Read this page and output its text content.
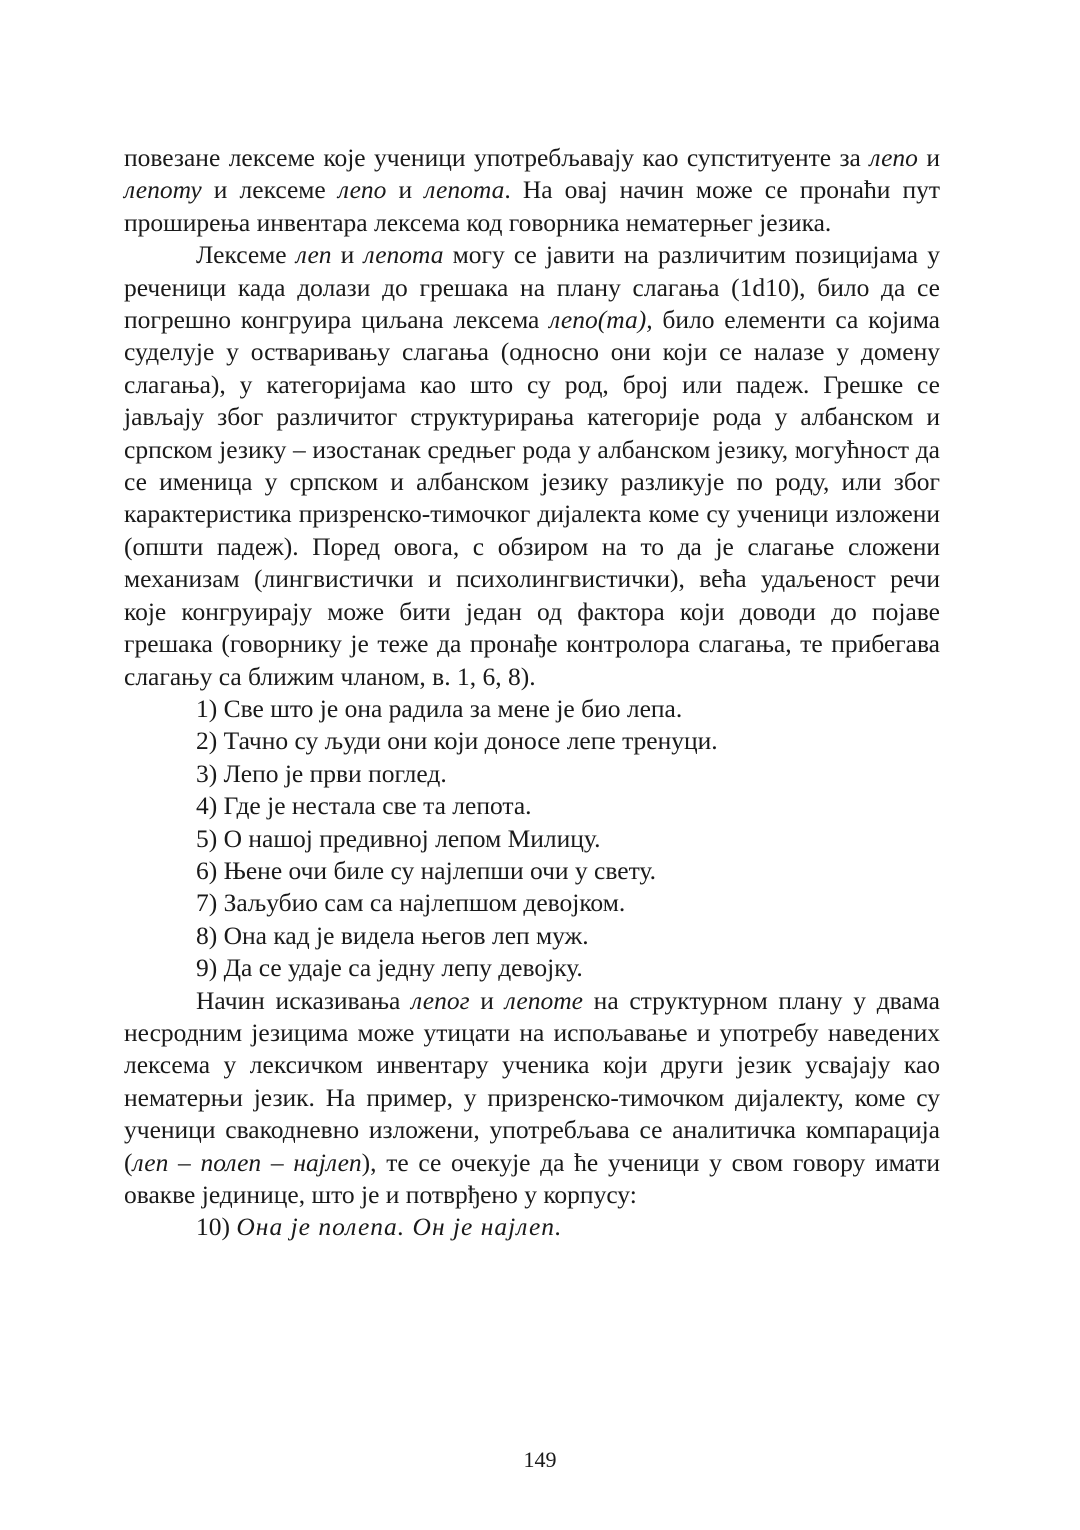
повезане лексеме које ученици употребљавају као супституенте за лепо и лепоту и лексеме лепо и лепота. На овај начин може се пронаћи пут проширења инвентара лексема код говорника нематерњег језика.

Лексеме леп и лепота могу се јавити на различитим позицијама у реченици када долази до грешака на плану слагања (1d10), било да се погрешно конгруира циљана лексема лепо(та), било елементи са којима суделује у остваривању слагања (односно они који се налазе у домену слагања), у категоријама као што су род, број или падеж. Грешке се јављају због различитог структурирања категорије рода у албанском и српском језику – изостанак средњег рода у албанском језику, могућност да се именица у српском и албанском језику разликује по роду, или због карактеристика призренско-тимочког дијалекта коме су ученици изложени (општи падеж). Поред овога, с обзиром на то да је слагање сложени механизам (лингвистички и психолингвистички), већа удаљеност речи које конгруирају може бити један од фактора који доводи до појаве грешака (говорнику је теже да пронађе контролора слагања, те прибегава слагању са ближим чланом, в. 1, 6, 8).

1) Све што је она радила за мене је био лепа.

2) Тачно су људи они који доносе лепе тренуци.

3) Лепо је први поглед.

4) Где је нестала све та лепота.

5) О нашој предивној лепом Милицу.

6) Њене очи биле су најлепши очи у свету.

7) Заљубио сам са најлепшом девојком.

8) Она кад је видела његов леп муж.

9) Да се удаје са једну лепу девојку.

Начин исказивања лепог и лепоте на структурном плану у двама несродним језицима може утицати на испољавање и употребу наведених лексема у лексичком инвентару ученика који други језик усвајају као нематерњи језик. На пример, у призренско-тимочком дијалекту, коме су ученици свакодневно изложени, употребљава се аналитичка компарација (леп – полеп – најлеп), те се очекује да ће ученици у свом говору имати овакве јединице, што је и потврђено у корпусу:

10) Она је полепа. Он је најлеп.

149
